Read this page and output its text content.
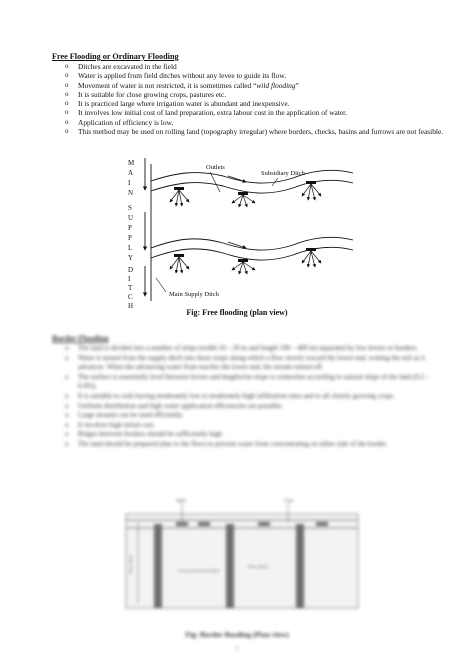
Free Flooding or Ordinary Flooding
o Ditches are excavated in the field
o Water is applied from field ditches without any levee to guide its flow.
o Movement of water is not restricted, it is sometimes called “wild flooding”
o It is suitable for close growing crops, pastures etc.
o It is practiced large where irrigation water is abundant and inexpensive.
o It involves low initial cost of land preparation, extra labour cost in the application of water.
o Application of efficiency is low.
o This method may be used on rolling land (topography irregular) where borders, checks, basins and furrows are not feasible.
M
A
I
N
S
U
P
P
L
Y
D
I
T
C
H
Outlets
Subsidiary Ditch
Main Supply Ditch
Fig: Free flooding (plan view)
Border Flooding
o The land is divided into a number of strips (width 10 – 20 m and length 100 – 400 m) separated by low levees or borders.
o Water is turned from the supply ditch into these strips along which a flow slowly toward the lower end, wetting the soil as it advances. When the advancing water front reaches the lower end, the stream turned off.
o The surface is essentially level between levees and lengthwise slope is somewhat according to natural slope of the land (0.2 – 0.4%).
o It is suitable to soils having moderately low to moderately high infiltration rates and to all closely growing crops.
o Uniform distribution and high water application efficiencies are possible.
o Large streams can be used efficiently.
o It involves high initial cost.
o Ridges between borders should be sufficiently high.
o The land should be prepared (due to the flow) to prevent water from concentrating on either side of the border.
Spile	Gate
10 to 20 m	Levee between borders
Flow (Ref)
Fig: Border flooding (Plan view)
2
